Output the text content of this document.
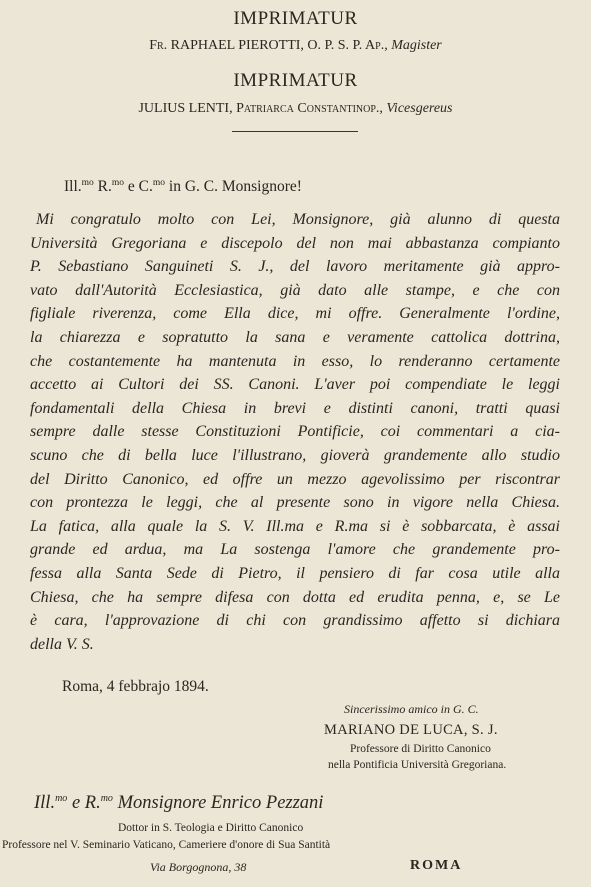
IMPRIMATUR
Fr. RAPHAEL PIEROTTI, O. P. S. P. Ap., Magister
IMPRIMATUR
JULIUS LENTI, Patriarca Constantinop., Vicesgereus
Ill.$^{mo}$ R.$^{mo}$ e C.$^{mo}$ in G. C. Monsignore!
Mi congratulo molto con Lei, Monsignore, già alunno di questa
Università Gregoriana e discepolo del non mai abbastanza compianto
P. Sebastiano Sanguineti S. J., del lavoro meritamente già appro-
vato dall'Autorità Ecclesiastica, già dato alle stampe, e che con
figliale riverenza, come Ella dice, mi offre. Generalmente l'ordine,
la chiarezza e sopratutto la sana e veramente cattolica dottrina,
che costantemente ha mantenuta in esso, lo renderanno certamente
accetto ai Cultori dei SS. Canoni. L'aver poi compendiate le leggi
fondamentali della Chiesa in brevi e distinti canoni, tratti quasi
sempre dalle stesse Constituzioni Pontificie, coi commentari a cia-
scuno che di bella luce l'illustrano, gioverà grandemente allo studio
del Diritto Canonico, ed offre un mezzo agevolissimo per riscontrar
con prontezza le leggi, che al presente sono in vigore nella Chiesa.
La fatica, alla quale la S. V. Ill.ma e R.ma si è sobbarcata, è assai
grande ed ardua, ma La sostenga l'amore che grandemente pro-
fessa alla Santa Sede di Pietro, il pensiero di far cosa utile alla
Chiesa, che ha sempre difesa con dotta ed erudita penna, e, se Le
è cara, l'approvazione di chi con grandissimo affetto si dichiara
della V. S.
Roma, 4 febbrajo 1894.
Sincerissimo amico in G. C.
MARIANO DE LUCA, S. J.
Professore di Diritto Canonico
nella Pontificia Università Gregoriana.
Ill.$^{mo}$ e R.$^{mo}$ Monsignore Enrico Pezzani
Dottor in S. Teologia e Diritto Canonico
Professore nel V. Seminario Vaticano, Cameriere d'onore di Sua Santità
Via Borgognona, 38	ROMA
